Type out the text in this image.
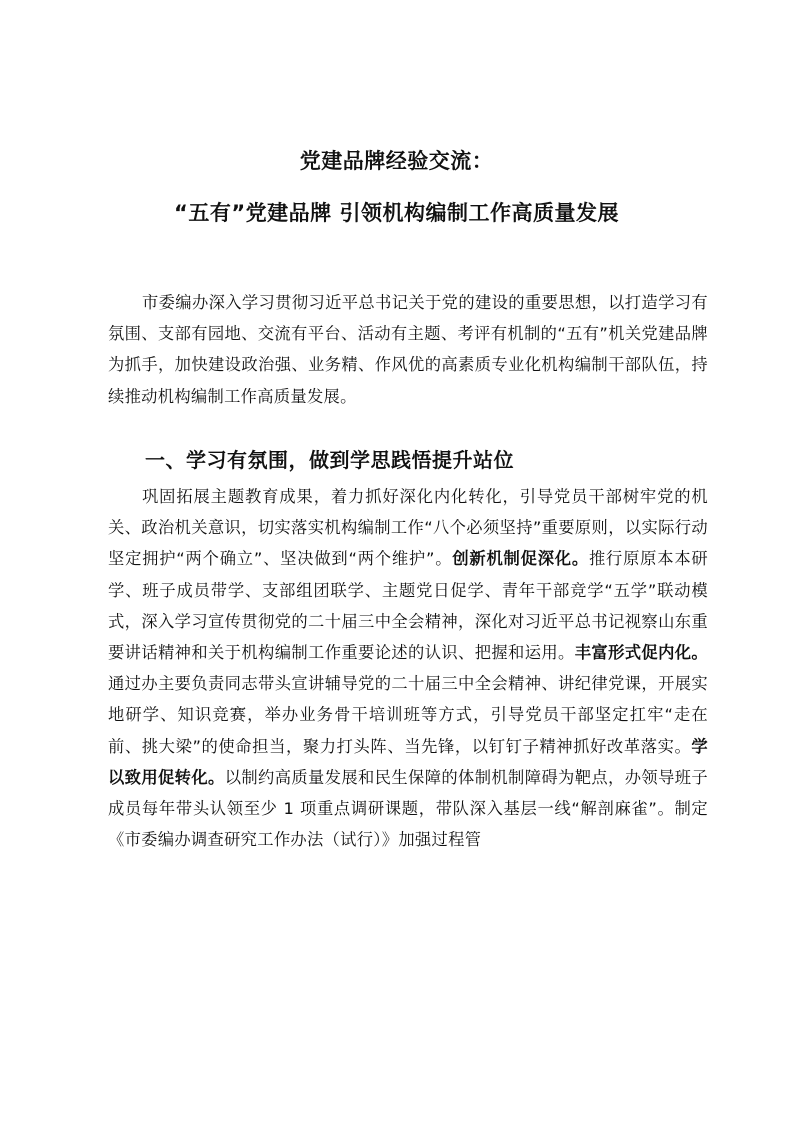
党建品牌经验交流：
“五有”党建品牌 引领机构编制工作高质量发展

市委编办深入学习贯彻习近平总书记关于党的建设的重要思想，以打造学习有氛围、支部有园地、交流有平台、活动有主题、考评有机制的“五有”机关党建品牌为抓手，加快建设政治强、业务精、作风优的高素质专业化机构编制干部队伍，持续推动机构编制工作高质量发展。

一、学习有氛围，做到学思践悟提升站位

巩固拓展主题教育成果，着力抓好深化内化转化，引导党员干部树牢党的机关、政治机关意识，切实落实机构编制工作“八个必须坚持”重要原则，以实际行动坚定拥护“两个确立”、坚决做到“两个维护”。创新机制促深化。推行原原本本研学、班子成员带学、支部组团联学、主题党日促学、青年干部竞学“五学”联动模式，深入学习宣传贯彻党的二十届三中全会精神，深化对习近平总书记视察山东重要讲话精神和关于机构编制工作重要论述的认识、把握和运用。丰富形式促内化。通过办主要负责同志带头宣讲辅导党的二十届三中全会精神、讲纪律党课，开展实地研学、知识竞赛，举办业务骨干培训班等方式，引导党员干部坚定扛牢“走在前、挑大梁”的使命担当，聚力打头阵、当先锋，以钉钉子精神抓好改革落实。学以致用促转化。以制约高质量发展和民生保障的体制机制障碍为靶点，办领导班子成员每年带头认领至少 1 项重点调研课题，带队深入基层一线“解剖麻雀”。制定《市委编办调查研究工作办法（试行）》加强过程管
